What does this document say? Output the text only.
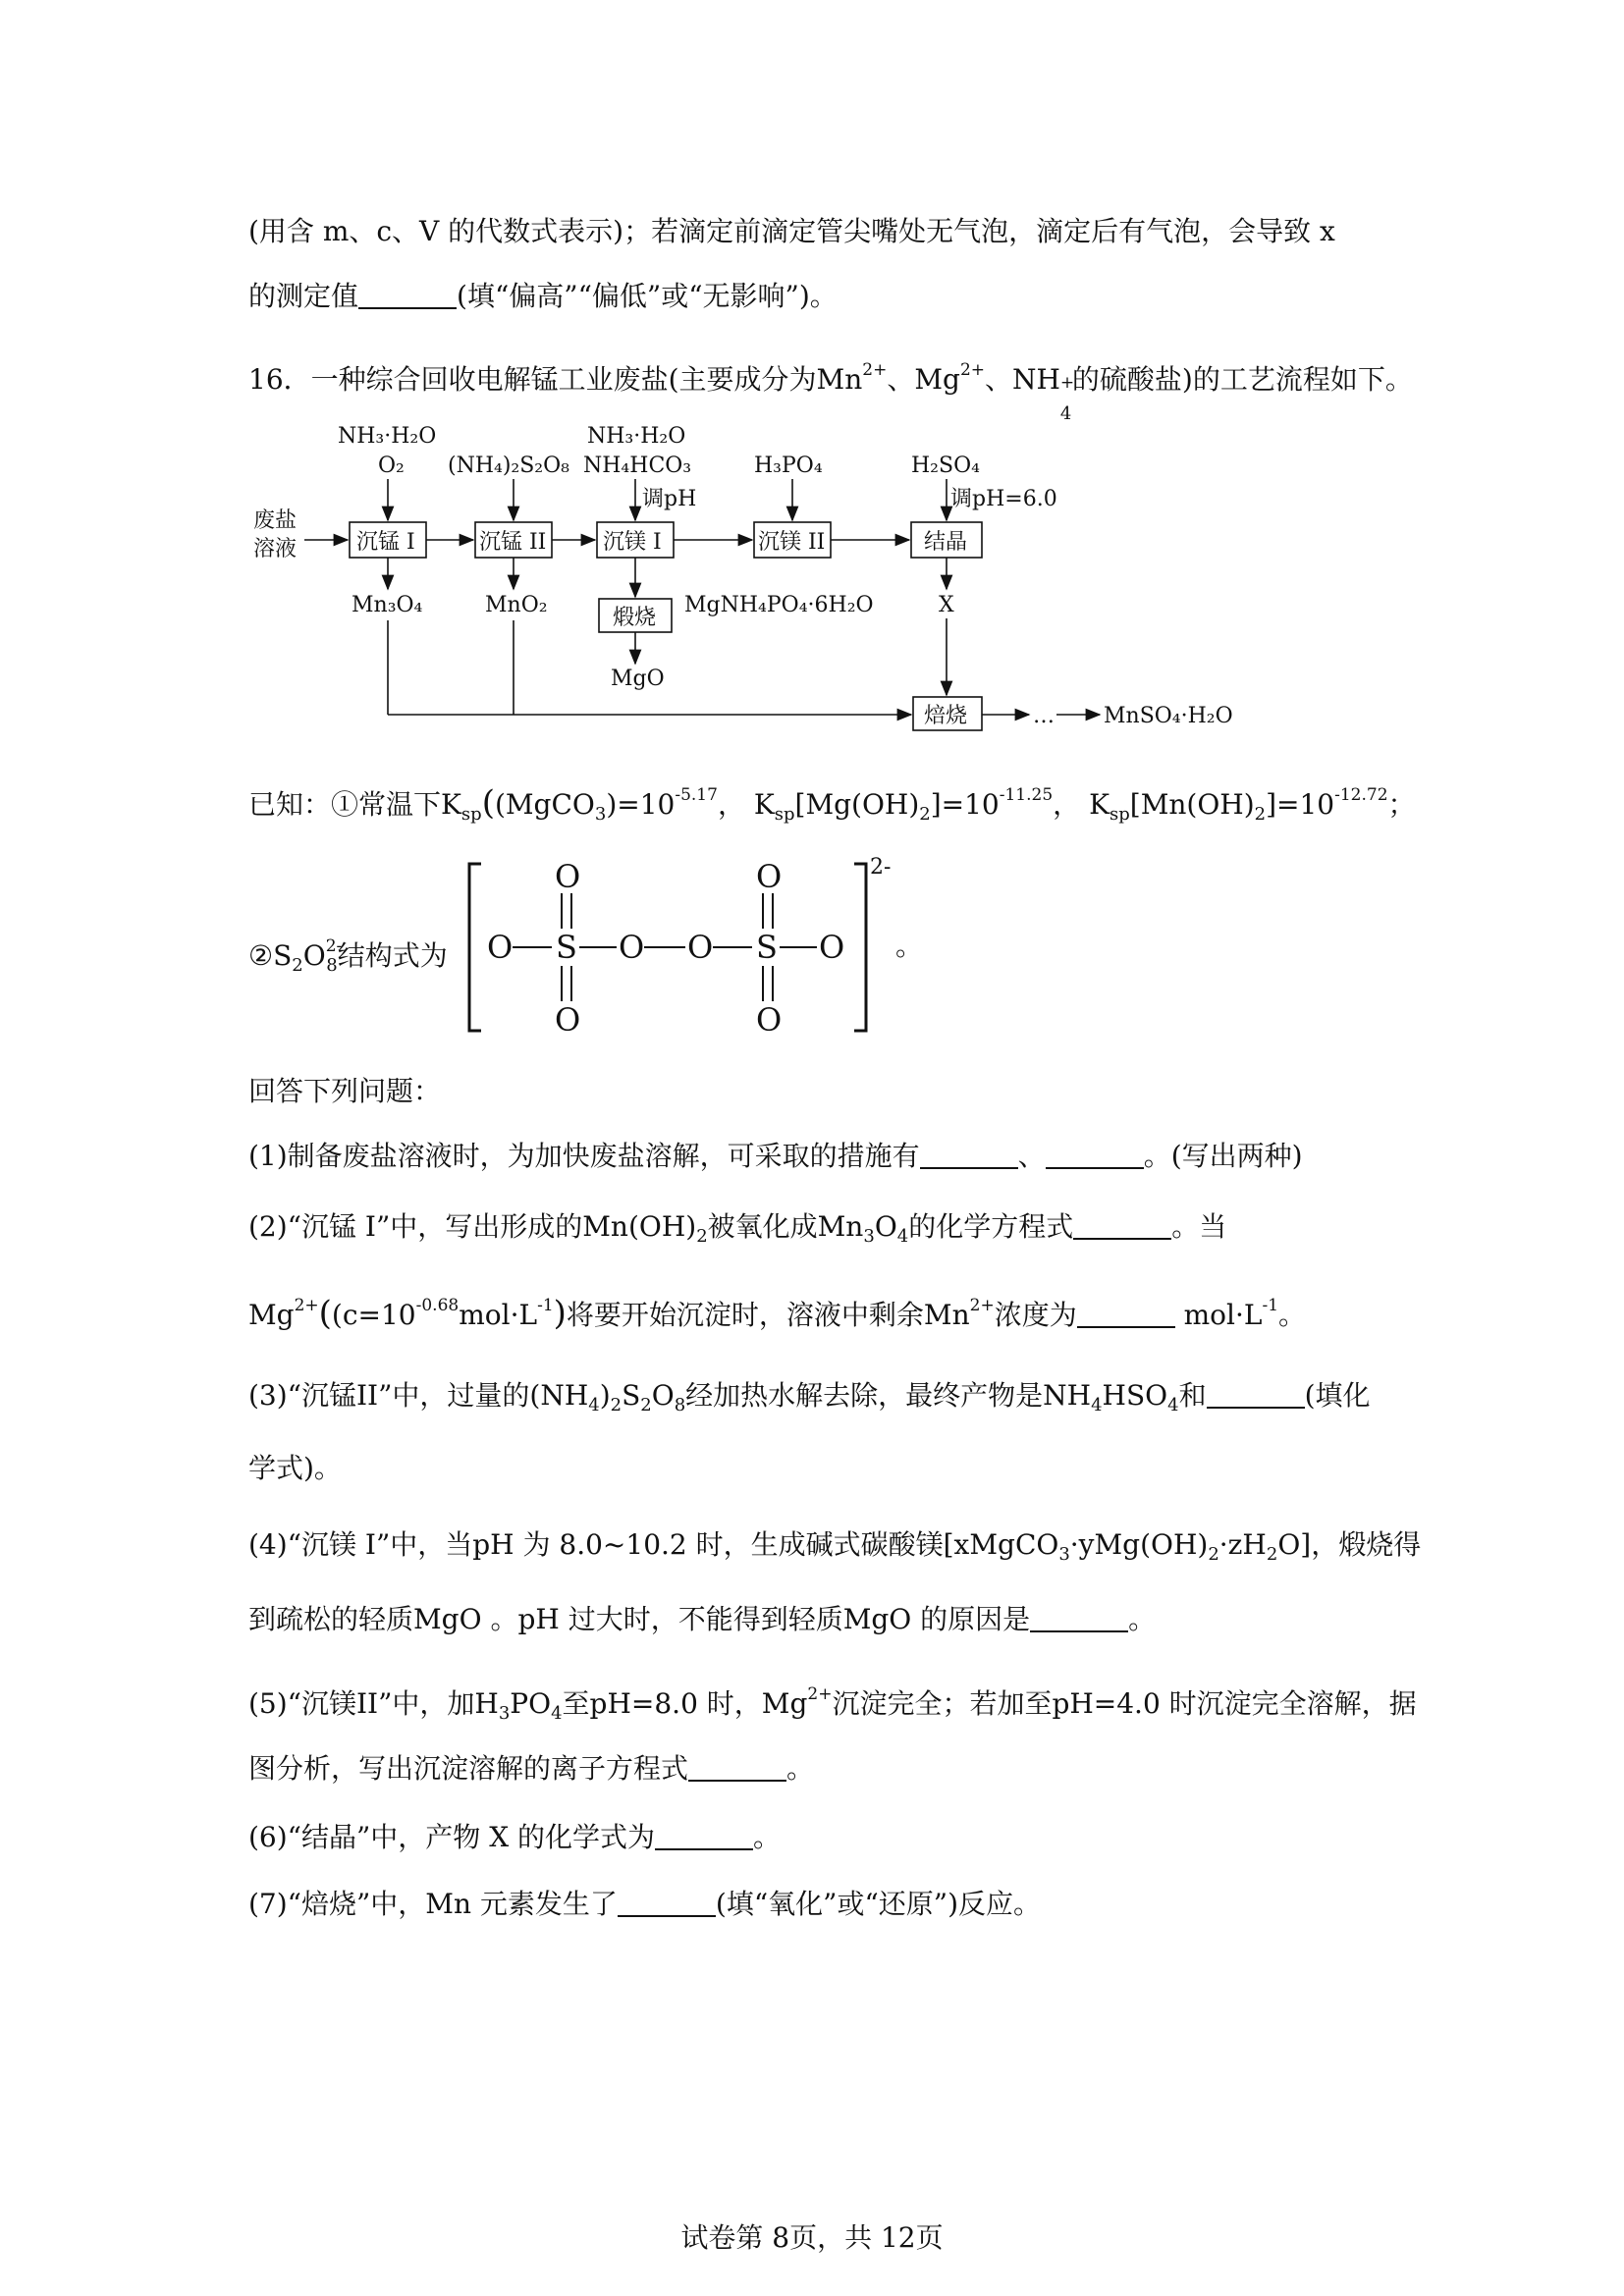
(用含 m、c、V 的代数式表示)；若滴定前滴定管尖嘴处无气泡，滴定后有气泡，会导致 x
的测定值	(填“偏高”“偏低”或“无影响”)。
16．一种综合回收电解锰工业废盐(主要成分为$Mn^{2+}$、$Mg^{2+}$、NH +
4
的硫酸盐)的工艺流程如下。
NH₃·H₂O
O₂ (NH₄)₂S₂O₈
NH₃·H₂O
NH₄HCO₃
调pH
H₃PO₄	H₂SO₄
调pH=6.0
废盐
溶液	沉锰 I	沉锰 II	沉镁 I	沉镁 II	结晶
煅烧
焙烧
Mn₃O₄	MnO₂	MgNH₄PO₄·6H₂O
MgO
X
… MnSO₄·H₂O
已知：①常温下$K_{sp}((MgCO_3)=10^{-5.17}$， $K_{sp}[Mg(OH)_2]=10^{-11.25}$， $K_{sp}[Mn(OH)_2]=10^{-12.72}$；
$②S_2O^{2-}_8$结构式为
2-
O	O
O S O O S O
O	O
。
回答下列问题：
(1)制备废盐溶液时，为加快废盐溶解，可采取的措施有	、	。(写出两种)
(2)“沉锰 I”中，写出形成的$Mn(OH)_2$被氧化成$Mn_3O_4$的化学方程式	。当
$Mg^{2+}((c=10^{-0.68}mol\cdot L^{-1})$将要开始沉淀时，溶液中剩余$Mn^{2+}$浓度为	$mol\cdot L^{-1}$。
(3)“沉锰II”中，过量的$(NH_4)_2S_2O_8$经加热水解去除，最终产物是$NH_4HSO_4$和	(填化
学式)。
(4)“沉镁 I”中，当pH 为 8.0~10.2 时，生成碱式碳酸镁$[xMgCO_3\cdot yMg(OH)_2\cdot zH_2O]$，煅烧得
到疏松的轻质MgO 。pH 过大时，不能得到轻质MgO 的原因是	。
(5)“沉镁II”中，加$H_3PO_4$至pH=8.0 时，$Mg^{2+}$沉淀完全；若加至pH=4.0 时沉淀完全溶解，据
图分析，写出沉淀溶解的离子方程式	。
(6)“结晶”中，产物 X 的化学式为	。
(7)“焙烧”中，Mn 元素发生了	(填“氧化”或“还原”)反应。
试卷第 8页，共 12页
